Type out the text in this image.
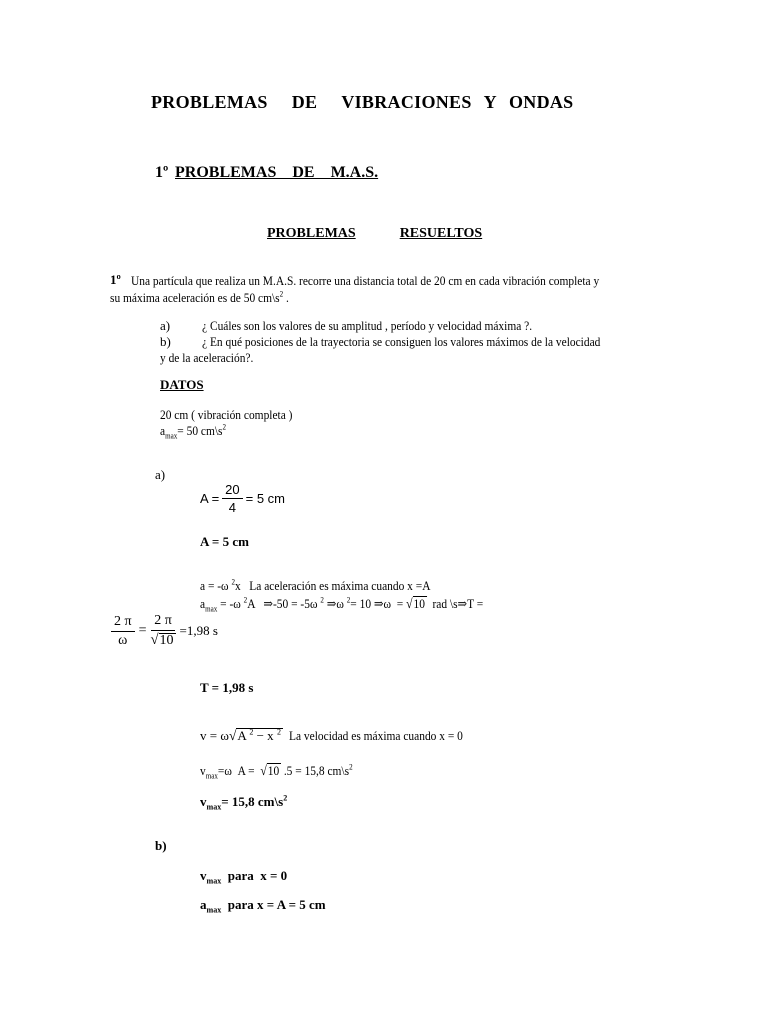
PROBLEMAS DE VIBRACIONES Y ONDAS
1º PROBLEMAS    DE    M.A.S.
PROBLEMAS	RESUELTOS
1º Una partícula que realiza un M.A.S. recorre una distancia total de 20 cm en cada vibración completa y
su máxima aceleración es de 50 $cm\backslash s^2$ .
a) ¿ Cuáles son los valores de su amplitud , período y velocidad máxima ?.
b) ¿ En qué posiciones de la trayectoria se consiguen los valores máximos de la velocidad
y de la aceleración?.
DATOS
20 cm ( vibración completa )
$a_{max}= 50$ $cm\backslash s^2$
a)
$A = \frac{20}{4} = 5$ cm
A = 5 cm
a = -ω $^2$x   La aceleración es máxima cuando x =A
$a_{max} = -\omega$ $^2$A   ⇒-50 = -5ω $^2$ ⇒ω $^2$= 10 ⇒ω  = √10  rad \s⇒T =
$\frac{2 \pi}{\omega} = \frac{2 \pi}{√10} =1,98$ s
T = 1,98 s
v = ω√A $^2$ − x $^2$ La velocidad es máxima cuando x = 0
$v_{max}=\omega$  A =  √10 .5 = 15,8 $cm\backslash s^2$
$v_{max}= 15,8$ $cm\backslash s^2$
b)
$v_{max}$  para  x = 0
$a_{max}$  para x = A = 5 cm
